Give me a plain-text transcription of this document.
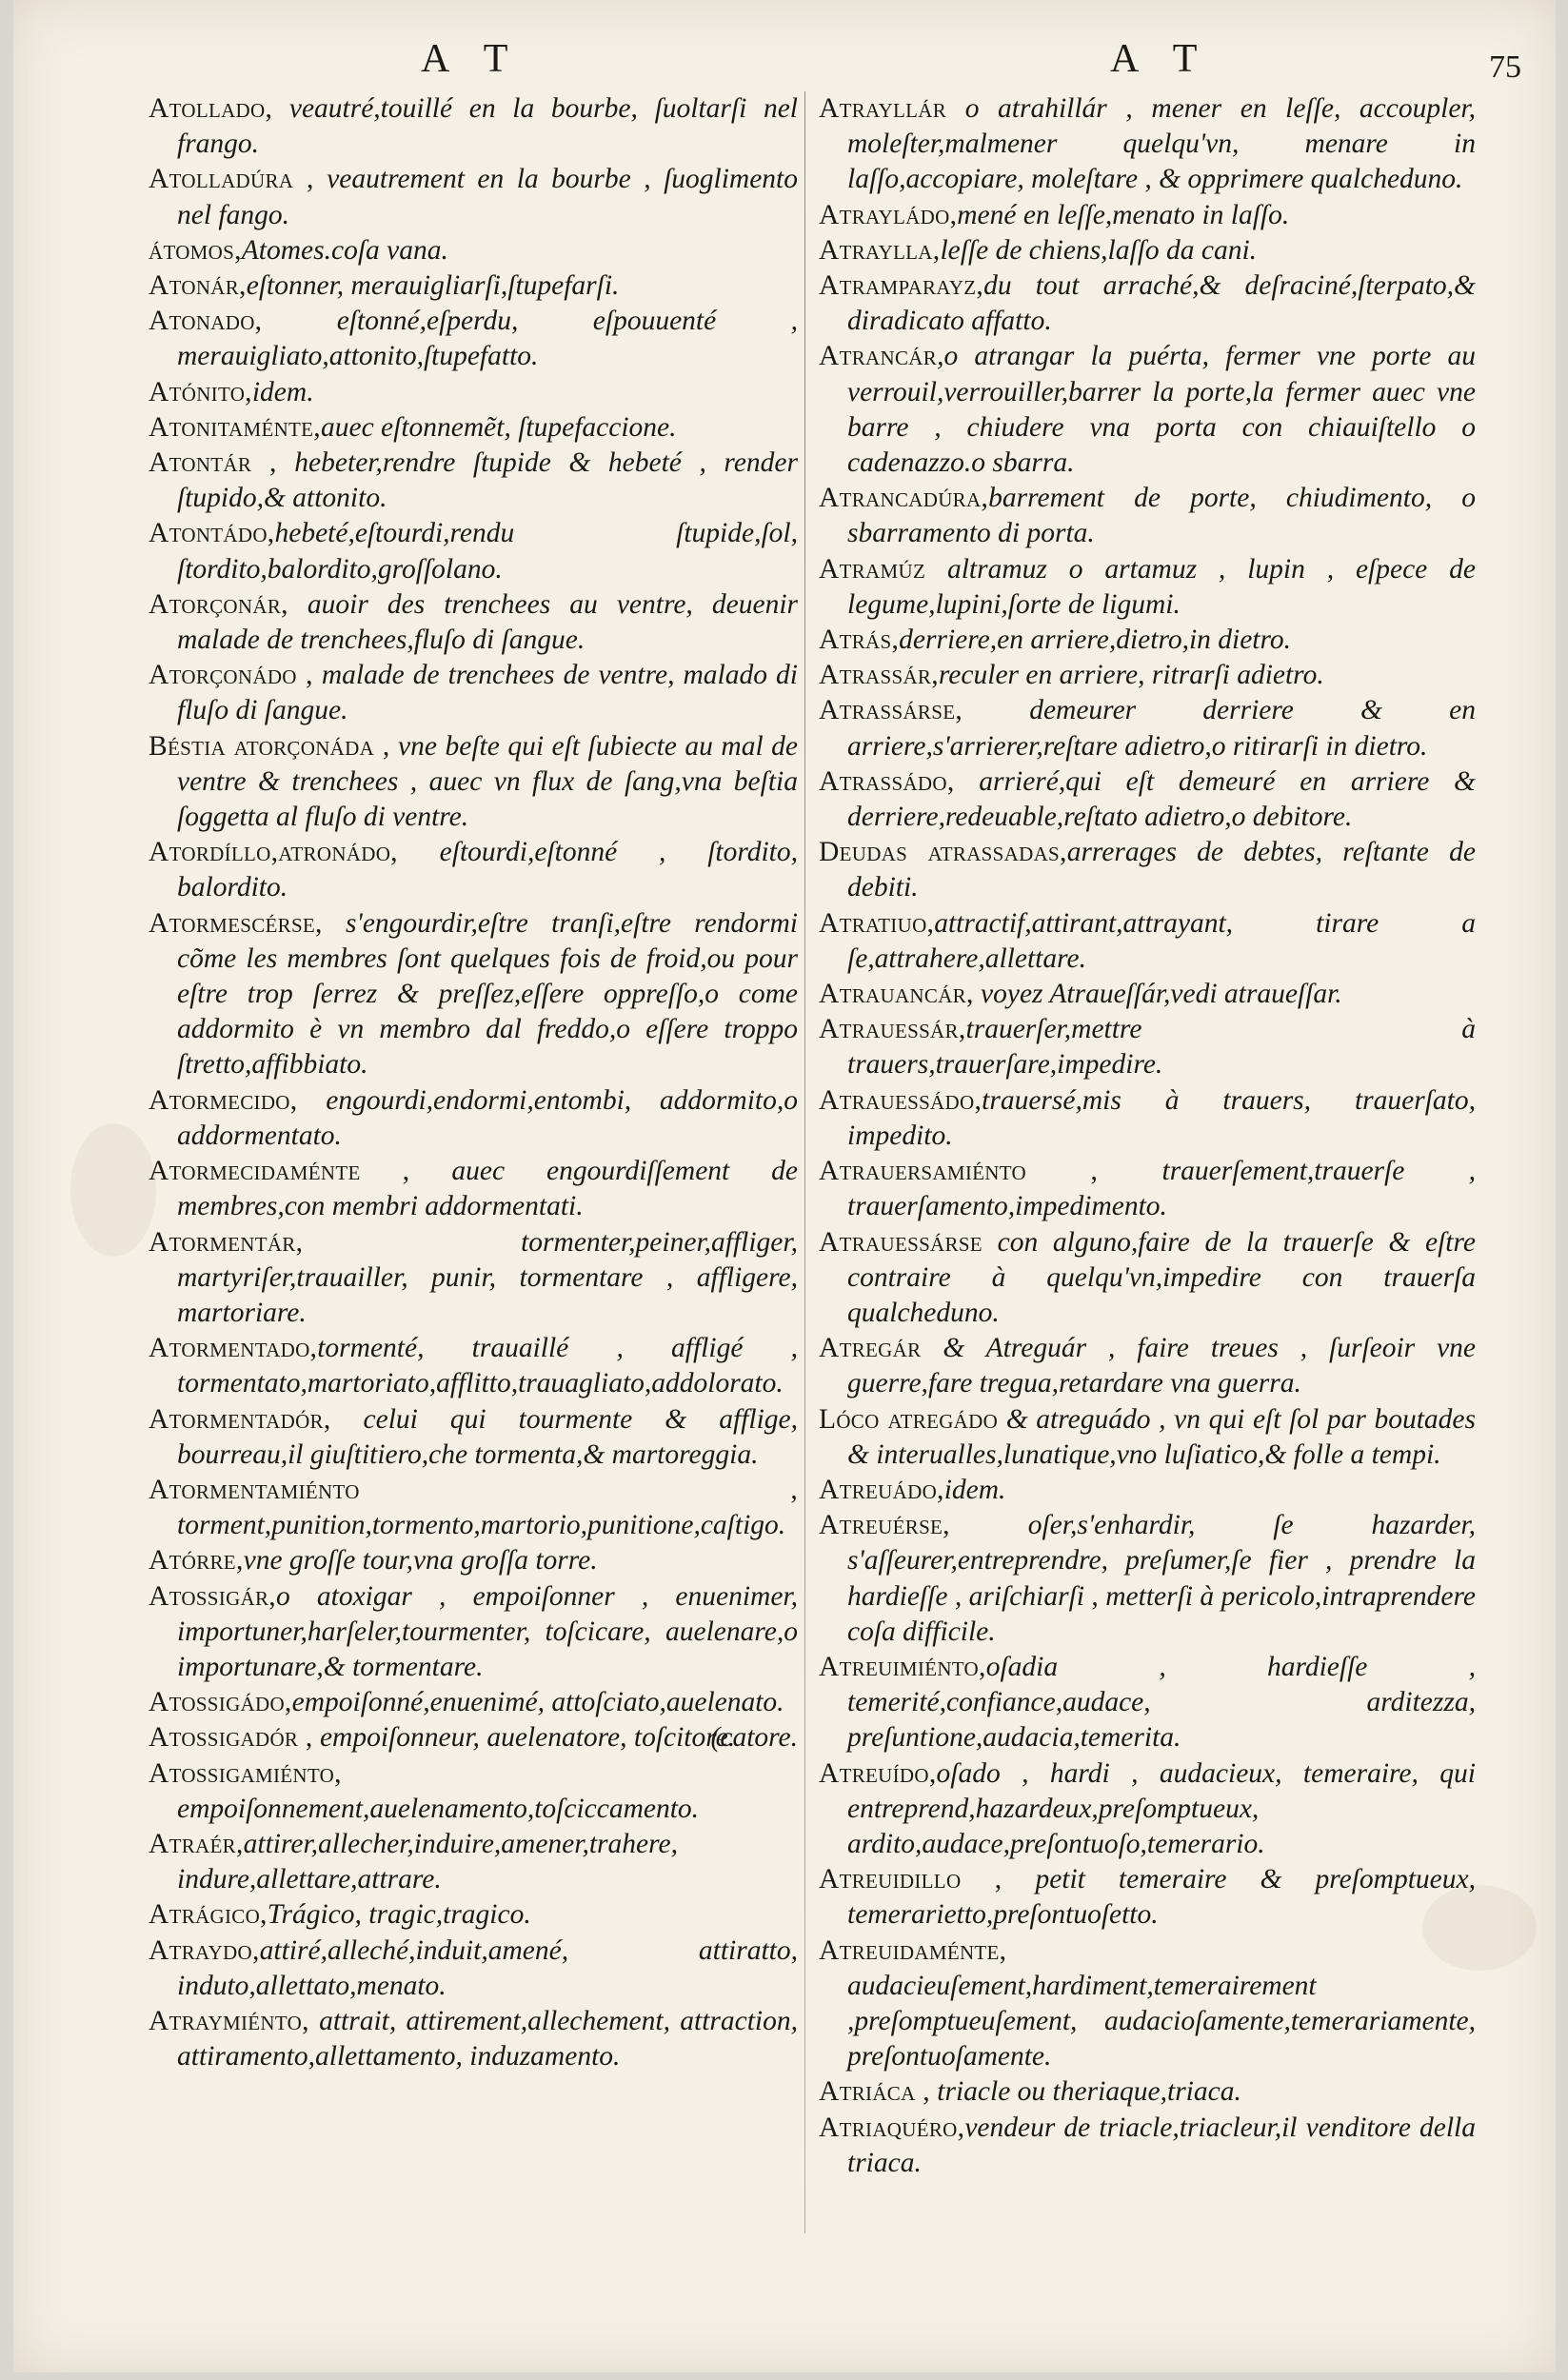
A T	A T	75
Atollado, veautré,touillé en la bourbe, ſuoltarſi nel frango.
Atolladúra , veautrement en la bourbe , ſuoglimento nel fango.
átomos,Atomes.coſa vana.
Atonár,eſtonner, merauigliarſi,ſtupefarſi.
Atonado, eſtonné,eſperdu, eſpouuenté , merauigliato,attonito,ſtupefatto.
Atónito,idem.
Atonitaménte,auec eſtonnemẽt, ſtupefaccione.
Atontár , hebeter,rendre ſtupide & hebeté , render ſtupido,& attonito.
Atontádo,hebeté,eſtourdi,rendu ſtupide,ſol, ſtordito,balordito,groſſolano.
Atorçonár, auoir des trenchees au ventre, deuenir malade de trenchees,fluſo di ſangue.
Atorçonádo , malade de trenchees de ventre, malado di fluſo di ſangue.
Béſtia atorçonáda , vne beſte qui eſt ſubiecte au mal de ventre & trenchees , auec vn flux de ſang,vna beſtia ſoggetta al fluſo di ventre.
Atordíllo,atronádo, eſtourdi,eſtonné , ſtordito, balordito.
Atormeſcérſe, s'engourdir,eſtre tranſi,eſtre rendormi cõme les membres ſont quelques fois de froid,ou pour eſtre trop ſerrez & preſſez,eſſere oppreſſo,o come addormito è vn membro dal freddo,o eſſere troppo ſtretto,affibbiato.
Atormecido, engourdi,endormi,entombi, addormito,o addormentato.
Atormecidaménte , auec engourdiſſement de membres,con membri addormentati.
Atormentár, tormenter,peiner,affliger, martyriſer,trauailler, punir, tormentare , affligere, martoriare.
Atormentado,tormenté, trauaillé , affligé , tormentato,martoriato,afflitto,trauagliato,addolorato.
Atormentadór, celui qui tourmente & afflige, bourreau,il giuſtitiero,che tormenta,& martoreggia.
Atormentamiénto , torment,punition,tormento,martorio,punitione,caſtigo.
Atórre,vne groſſe tour,vna groſſa torre.
Atoſſigár,o atoxigar , empoiſonner , enuenimer, importuner,harſeler,tourmenter, toſcicare, auelenare,o importunare,& tormentare.
Atoſſigádo,empoiſonné,enuenimé, attoſciato,auelenato.
(catore.
Atoſſigadór , empoiſonneur, auelenatore, toſcitore.
Atoſſigamiénto, empoiſonnement,auelenamento,toſciccamento.
Atraér,attirer,allecher,induire,amener,trahere, indure,allettare,attrare.
Atrágico,Trágico, tragic,tragico.
Atraydo,attiré,alleché,induit,amené, attiratto, induto,allettato,menato.
Atraymiénto, attrait, attirement,allechement, attraction, attiramento,allettamento, induzamento.
Atrayllár o atrahillár , mener en leſſe, accoupler, moleſter,malmener quelqu'vn, menare in laſſo,accopiare, moleſtare , & opprimere qualcheduno.
Atrayládo,mené en leſſe,menato in laſſo.
Atraylla,leſſe de chiens,laſſo da cani.
Atramparayz,du tout arraché,& deſraciné,ſterpato,& diradicato affatto.
Atrancár,o atrangar la puérta, fermer vne porte au verrouil,verrouiller,barrer la porte,la fermer auec vne barre , chiudere vna porta con chiauiſtello o cadenazzo.o sbarra.
Atrancadúra,barrement de porte, chiudimento, o sbarramento di porta.
Atramúz altramuz o artamuz , lupin , eſpece de legume,lupini,ſorte de ligumi.
Atrás,derriere,en arriere,dietro,in dietro.
Atraſſár,reculer en arriere, ritrarſi adietro.
Atraſſárſe, demeurer derriere & en arriere,s'arrierer,reſtare adietro,o ritirarſi in dietro.
Atraſſádo, arrieré,qui eſt demeuré en arriere & derriere,redeuable,reſtato adietro,o debitore.
Deudas atraſſadas,arrerages de debtes, reſtante de debiti.
Atratiuo,attractif,attirant,attrayant, tirare a ſe,attrahere,allettare.
Atrauancár, voyez Atraueſſár,vedi atraueſſar.
Atraueſſár,trauerſer,mettre à trauers,trauerſare,impedire.
Atraueſſádo,trauersé,mis à trauers, trauerſato, impedito.
Atrauerſamiénto , trauerſement,trauerſe , trauerſamento,impedimento.
Atraueſſárſe con alguno,faire de la trauerſe & eſtre contraire à quelqu'vn,impedire con trauerſa qualcheduno.
Atregár & Atreguár , faire treues , ſurſeoir vne guerre,fare tregua,retardare vna guerra.
Lóco atregádo & atreguádo , vn qui eſt ſol par boutades & interualles,lunatique,vno luſiatico,& folle a tempi.
Atreuádo,idem.
Atreuérſe, oſer,s'enhardir, ſe hazarder, s'aſſeurer,entreprendre, preſumer,ſe fier , prendre la hardieſſe , ariſchiarſi , metterſi à pericolo,intraprendere coſa difficile.
Atreuimiénto,oſadia , hardieſſe , temerité,confiance,audace, arditezza, preſuntione,audacia,temerita.
Atreuído,oſado , hardi , audacieux, temeraire, qui entreprend,hazardeux,preſomptueux, ardito,audace,preſontuoſo,temerario.
Atreuidillo , petit temeraire & preſomptueux, temerarietto,preſontuoſetto.
Atreuidaménte, audacieuſement,hardiment,temerairement ,preſomptueuſement, audacioſamente,temerariamente, preſontuoſamente.
Atriáca , triacle ou theriaque,triaca.
Atriaquéro,vendeur de triacle,triacleur,il venditore della triaca.
